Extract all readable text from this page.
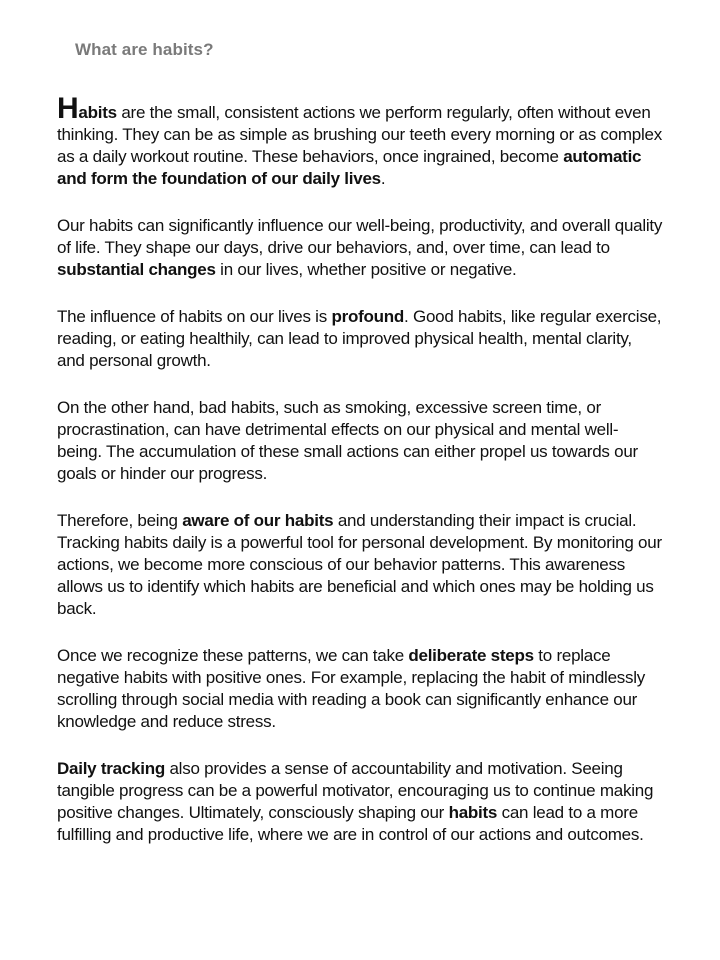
What are habits?

Habits are the small, consistent actions we perform regularly, often without even thinking. They can be as simple as brushing our teeth every morning or as complex as a daily workout routine. These behaviors, once ingrained, become automatic and form the foundation of our daily lives.

Our habits can significantly influence our well-being, productivity, and overall quality of life. They shape our days, drive our behaviors, and, over time, can lead to substantial changes in our lives, whether positive or negative.

The influence of habits on our lives is profound. Good habits, like regular exercise, reading, or eating healthily, can lead to improved physical health, mental clarity, and personal growth.

On the other hand, bad habits, such as smoking, excessive screen time, or procrastination, can have detrimental effects on our physical and mental well-being. The accumulation of these small actions can either propel us towards our goals or hinder our progress.

Therefore, being aware of our habits and understanding their impact is crucial. Tracking habits daily is a powerful tool for personal development. By monitoring our actions, we become more conscious of our behavior patterns. This awareness allows us to identify which habits are beneficial and which ones may be holding us back.

Once we recognize these patterns, we can take deliberate steps to replace negative habits with positive ones. For example, replacing the habit of mindlessly scrolling through social media with reading a book can significantly enhance our knowledge and reduce stress.

Daily tracking also provides a sense of accountability and motivation. Seeing tangible progress can be a powerful motivator, encouraging us to continue making positive changes. Ultimately, consciously shaping our habits can lead to a more fulfilling and productive life, where we are in control of our actions and outcomes.
